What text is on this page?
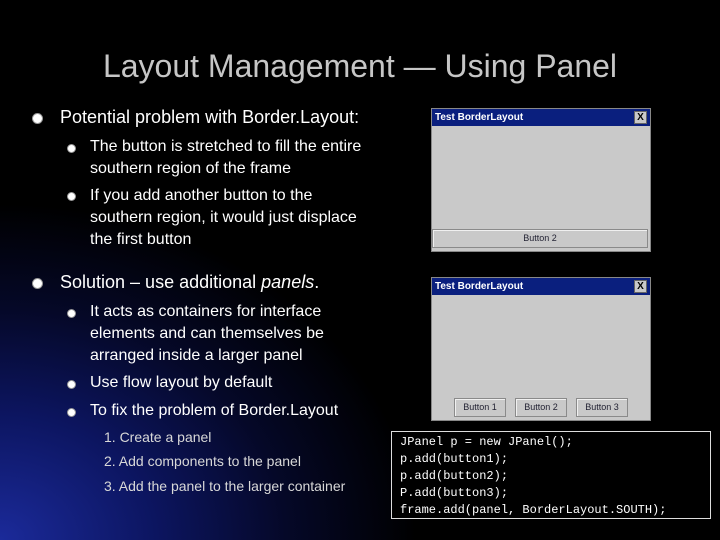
Layout Management — Using Panel
Potential problem with Border.Layout:
The button is stretched to fill the entire
southern region of the frame
If you add another button to the
southern region, it would just displace
the first button
Solution – use additional panels.
It acts as containers for interface
elements and can themselves be
arranged inside a larger panel
Use flow layout by default
To fix the problem of Border.Layout
1. Create a panel
2. Add components to the panel
3. Add the panel to the larger container
Test BorderLayout	X
Button 2
Test BorderLayout	X
Button 1	Button 2	Button 3
JPanel p = new JPanel();
p.add(button1);
p.add(button2);
P.add(button3);
frame.add(panel, BorderLayout.SOUTH);
